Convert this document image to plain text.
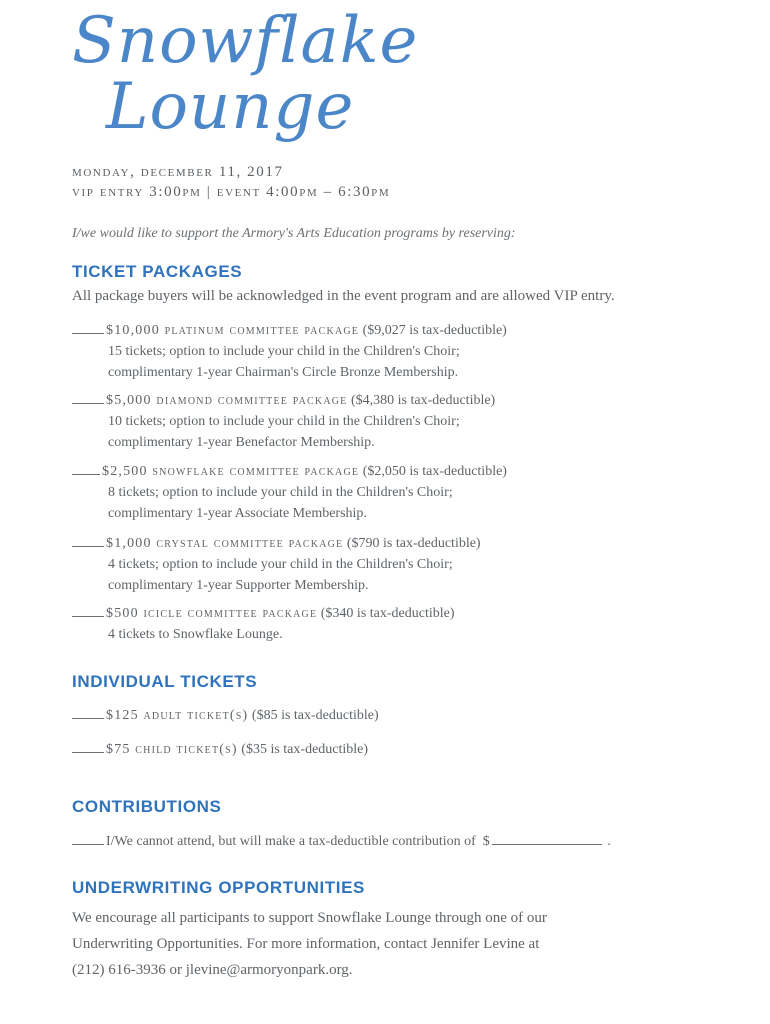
Snowflake
Lounge
monday, december 11, 2017
vip entry 3:00pm | event 4:00pm – 6:30pm
I/we would like to support the Armory's Arts Education programs by reserving:
TICKET PACKAGES
All package buyers will be acknowledged in the event program and are allowed VIP entry.
$10,000 platinum committee package ($9,027 is tax-deductible)
15 tickets; option to include your child in the Children's Choir;
complimentary 1-year Chairman's Circle Bronze Membership.
$5,000 diamond committee package ($4,380 is tax-deductible)
10 tickets; option to include your child in the Children's Choir;
complimentary 1-year Benefactor Membership.
$2,500 snowflake committee package ($2,050 is tax-deductible)
8 tickets; option to include your child in the Children's Choir;
complimentary 1-year Associate Membership.
$1,000 crystal committee package ($790 is tax-deductible)
4 tickets; option to include your child in the Children's Choir;
complimentary 1-year Supporter Membership.
$500 icicle committee package ($340 is tax-deductible)
4 tickets to Snowflake Lounge.
INDIVIDUAL TICKETS
$125 adult ticket(s) ($85 is tax-deductible)
$75 child ticket(s) ($35 is tax-deductible)
CONTRIBUTIONS
I/We cannot attend, but will make a tax-deductible contribution of $	.
UNDERWRITING OPPORTUNITIES
We encourage all participants to support Snowflake Lounge through one of our
Underwriting Opportunities. For more information, contact Jennifer Levine at
(212) 616-3936 or jlevine@armoryonpark.org.
